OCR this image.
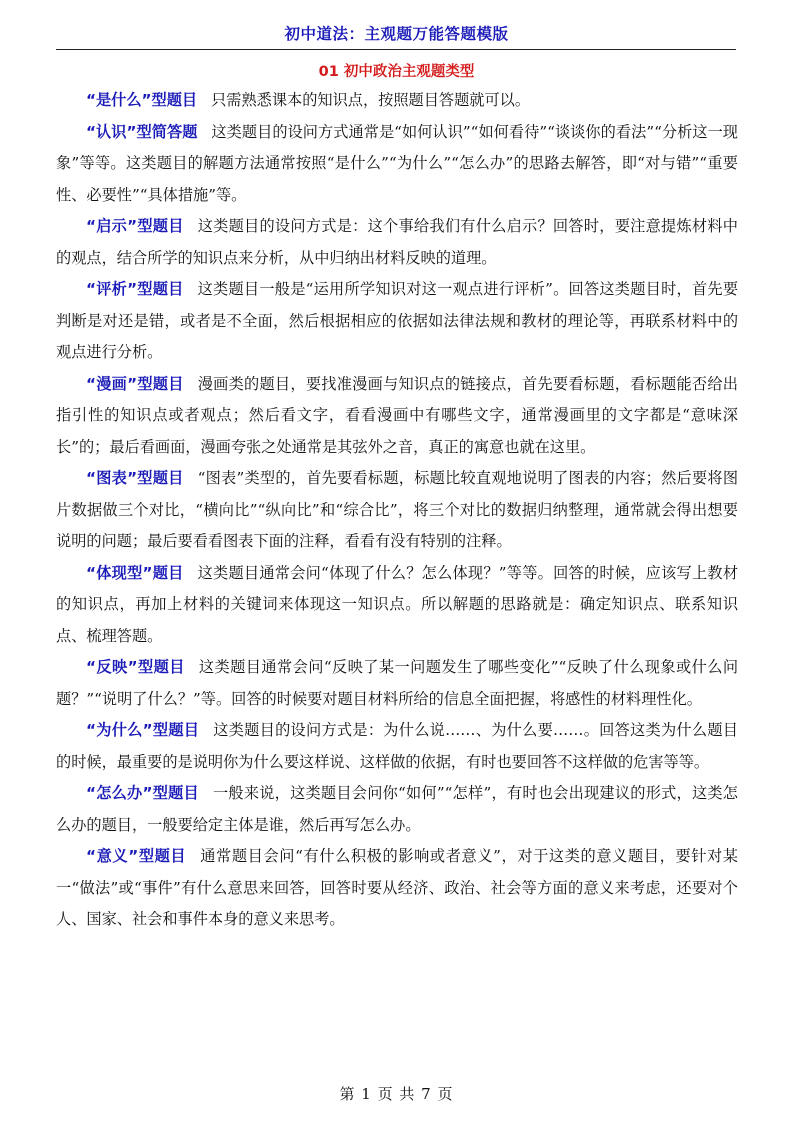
初中道法：主观题万能答题模版
01 初中政治主观题类型

“是什么”型题目 只需熟悉课本的知识点，按照题目答题就可以。

“认识”型简答题 这类题目的设问方式通常是“如何认识”“如何看待”“谈谈你的看法”“分析这一现象”等等。这类题目的解题方法通常按照“是什么”“为什么”“怎么办”的思路去解答，即“对与错”“重要性、必要性”“具体措施”等。

“启示”型题目 这类题目的设问方式是：这个事给我们有什么启示？回答时，要注意提炼材料中的观点，结合所学的知识点来分析，从中归纳出材料反映的道理。

“评析”型题目 这类题目一般是“运用所学知识对这一观点进行评析”。回答这类题目时，首先要判断是对还是错，或者是不全面，然后根据相应的依据如法律法规和教材的理论等，再联系材料中的观点进行分析。

“漫画”型题目 漫画类的题目，要找准漫画与知识点的链接点，首先要看标题，看标题能否给出指引性的知识点或者观点；然后看文字，看看漫画中有哪些文字，通常漫画里的文字都是“意味深长”的；最后看画面，漫画夸张之处通常是其弦外之音，真正的寓意也就在这里。

“图表”型题目 “图表”类型的，首先要看标题，标题比较直观地说明了图表的内容；然后要将图片数据做三个对比，“横向比”“纵向比”和“综合比”，将三个对比的数据归纳整理，通常就会得出想要说明的问题；最后要看看图表下面的注释，看看有没有特别的注释。

“体现型”题目 这类题目通常会问“体现了什么？怎么体现？”等等。回答的时候，应该写上教材的知识点，再加上材料的关键词来体现这一知识点。所以解题的思路就是：确定知识点、联系知识点、梳理答题。

“反映”型题目 这类题目通常会问“反映了某一问题发生了哪些变化”“反映了什么现象或什么问题？”“说明了什么？”等。回答的时候要对题目材料所给的信息全面把握，将感性的材料理性化。

“为什么”型题目 这类题目的设问方式是：为什么说……、为什么要……。回答这类为什么题目的时候，最重要的是说明你为什么要这样说、这样做的依据，有时也要回答不这样做的危害等等。

“怎么办”型题目 一般来说，这类题目会问你“如何”“怎样”，有时也会出现建议的形式，这类怎么办的题目，一般要给定主体是谁，然后再写怎么办。

“意义”型题目 通常题目会问“有什么积极的影响或者意义”，对于这类的意义题目，要针对某一“做法”或“事件”有什么意思来回答，回答时要从经济、政治、社会等方面的意义来考虑，还要对个人、国家、社会和事件本身的意义来思考。

第 1 页 共 7 页
